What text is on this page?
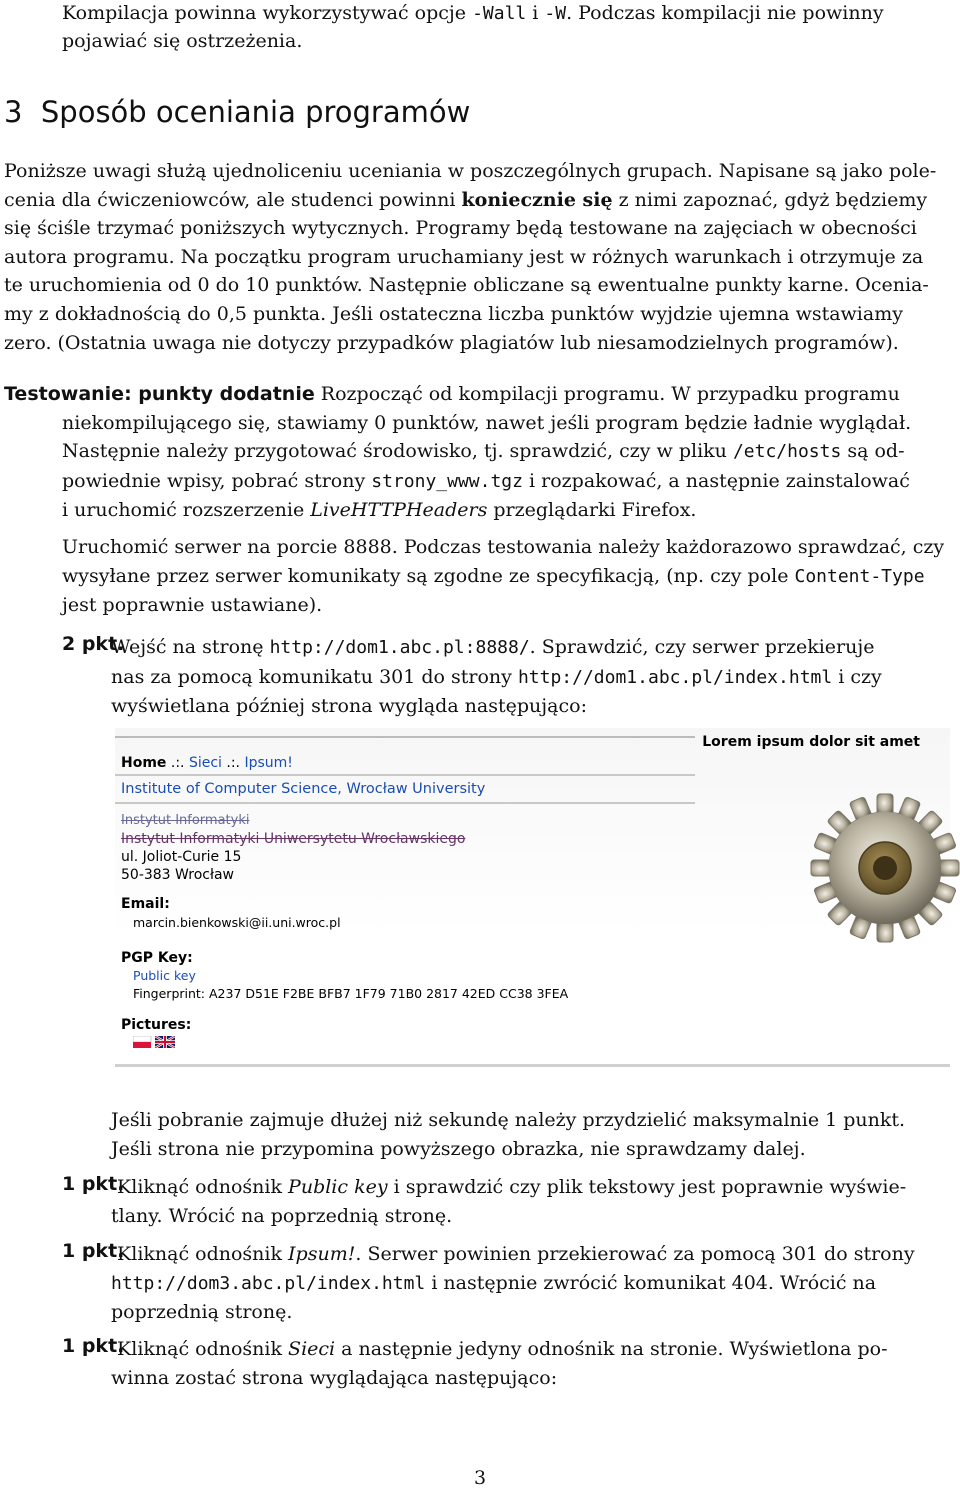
Kompilacja powinna wykorzystywać opcje -Wall i -W. Podczas kompilacji nie powinny

pojawiać się ostrzeżenia.

3 Sposób oceniania programów
Poniższe uwagi służą ujednoliceniu uceniania w poszczególnych grupach. Napisane są jako pole-
cenia dla ćwiczeniowców, ale studenci powinni koniecznie się z nimi zapoznać, gdyż będziemy
się ściśle trzymać poniższych wytycznych. Programy będą testowane na zajęciach w obecności
autora programu. Na początku program uruchamiany jest w różnych warunkach i otrzymuje za
te uruchomienia od 0 do 10 punktów. Następnie obliczane są ewentualne punkty karne. Ocenia-
my z dokładnością do 0,5 punkta. Jeśli ostateczna liczba punktów wyjdzie ujemna wstawiamy
zero. (Ostatnia uwaga nie dotyczy przypadków plagiatów lub niesamodzielnych programów).
Testowanie: punkty dodatnie Rozpocząć od kompilacji programu. W przypadku programu
niekompilującego się, stawiamy 0 punktów, nawet jeśli program będzie ładnie wyglądał.
Następnie należy przygotować środowisko, tj. sprawdzić, czy w pliku /etc/hosts są od-
powiednie wpisy, pobrać strony strony_www.tgz i rozpakować, a następnie zainstalować
i uruchomić rozszerzenie LiveHTTPHeaders przeglądarki Firefox.
Uruchomić serwer na porcie 8888. Podczas testowania należy każdorazowo sprawdzać, czy
wysyłane przez serwer komunikaty są zgodne ze specyfikacją, (np. czy pole Content-Type
jest poprawnie ustawiane).
2 pkt.
Wejść na stronę http://dom1.abc.pl:8888/. Sprawdzić, czy serwer przekieruje
nas za pomocą komunikatu 301 do strony http://dom1.abc.pl/index.html i czy
wyświetlana później strona wygląda następująco:
Lorem ipsum dolor sit amet
Home .:. Sieci .:. Ipsum!
Institute of Computer Science, Wrocław University
Instytut Informatyki
Instytut Informatyki Uniwersytetu Wrocławskiego
ul. Joliot-Curie 15
50-383 Wrocław
Email:
marcin.bienkowski@ii.uni.wroc.pl
PGP Key:
Public key
Fingerprint: A237 D51E F2BE BFB7 1F79 71B0 2817 42ED CC38 3FEA
Pictures:
Jeśli pobranie zajmuje dłużej niż sekundę należy przydzielić maksymalnie 1 punkt.
Jeśli strona nie przypomina powyższego obrazka, nie sprawdzamy dalej.
1 pkt.
Kliknąć odnośnik Public key i sprawdzić czy plik tekstowy jest poprawnie wyświe-
tlany. Wrócić na poprzednią stronę.
1 pkt.
Kliknąć odnośnik Ipsum!. Serwer powinien przekierować za pomocą 301 do strony
http://dom3.abc.pl/index.html i następnie zwrócić komunikat 404. Wrócić na
poprzednią stronę.
1 pkt.
Kliknąć odnośnik Sieci a następnie jedyny odnośnik na stronie. Wyświetlona po-
winna zostać strona wyglądająca następująco:
3
